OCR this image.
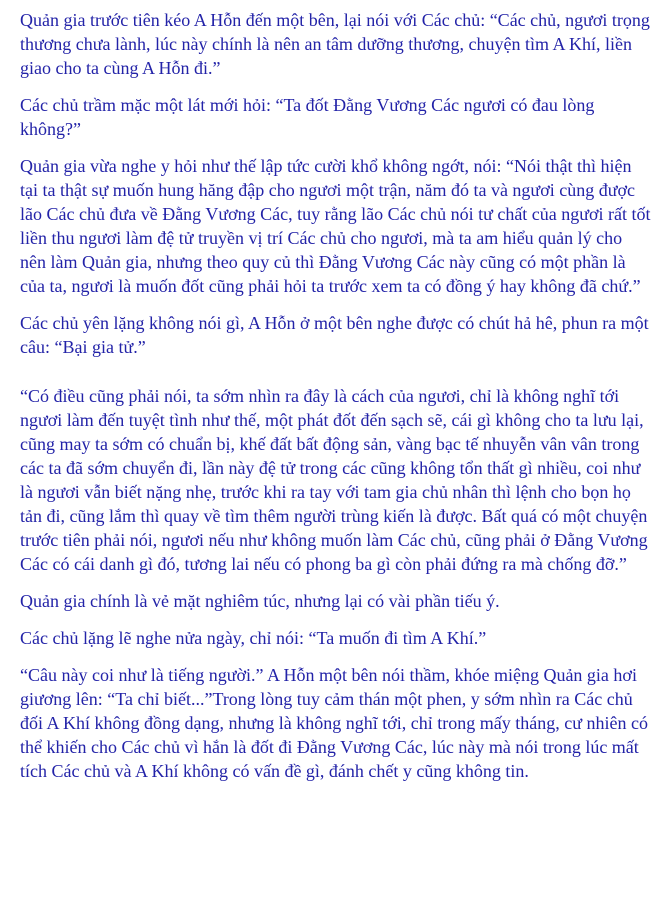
Quản gia trước tiên kéo A Hỗn đến một bên, lại nói với Các chủ: “Các chủ, ngươi trọng thương chưa lành, lúc này chính là nên an tâm dưỡng thương, chuyện tìm A Khí, liền giao cho ta cùng A Hỗn đi.”

Các chủ trầm mặc một lát mới hỏi: “Ta đốt Đằng Vương Các ngươi có đau lòng không?”

Quản gia vừa nghe y hỏi như thế lập tức cười khổ không ngớt, nói: “Nói thật thì hiện tại ta thật sự muốn hung hăng đập cho ngươi một trận, năm đó ta và ngươi cùng được lão Các chủ đưa về Đằng Vương Các, tuy rằng lão Các chủ nói tư chất của ngươi rất tốt liền thu ngươi làm đệ tử truyền vị trí Các chủ cho ngươi, mà ta am hiểu quản lý cho nên làm Quản gia, nhưng theo quy củ thì Đằng Vương Các này cũng có một phần là của ta, ngươi là muốn đốt cũng phải hỏi ta trước xem ta có đồng ý hay không đã chứ.”

Các chủ yên lặng không nói gì, A Hỗn ở một bên nghe được có chút hả hê, phun ra một câu: “Bại gia tử.”

“Có điều cũng phải nói, ta sớm nhìn ra đây là cách của ngươi, chỉ là không nghĩ tới ngươi làm đến tuyệt tình như thế, một phát đốt đến sạch sẽ, cái gì không cho ta lưu lại, cũng may ta sớm có chuẩn bị, khế đất bất động sản, vàng bạc tế nhuyễn vân vân trong các ta đã sớm chuyển đi, lần này đệ tử trong các cũng không tổn thất gì nhiều, coi như là ngươi vẫn biết nặng nhẹ, trước khi ra tay với tam gia chủ nhân thì lệnh cho bọn họ tản đi, cũng lắm thì quay về tìm thêm người trùng kiến là được. Bất quá có một chuyện trước tiên phải nói, ngươi nếu như không muốn làm Các chủ, cũng phải ở Đằng Vương Các có cái danh gì đó, tương lai nếu có phong ba gì còn phải đứng ra mà chống đỡ.”

Quản gia chính là vẻ mặt nghiêm túc, nhưng lại có vài phần tiếu ý.

Các chủ lặng lẽ nghe nửa ngày, chỉ nói: “Ta muốn đi tìm A Khí.”

“Câu này coi như là tiếng người.” A Hỗn một bên nói thầm, khóe miệng Quản gia hơi giương lên: “Ta chỉ biết...”Trong lòng tuy cảm thán một phen, y sớm nhìn ra Các chủ đối A Khí không đồng dạng, nhưng là không nghĩ tới, chỉ trong mấy tháng, cư nhiên có thể khiến cho Các chủ vì hắn là đốt đi Đằng Vương Các, lúc này mà nói trong lúc mất tích Các chủ và A Khí không có vấn đề gì, đánh chết y cũng không tin.
